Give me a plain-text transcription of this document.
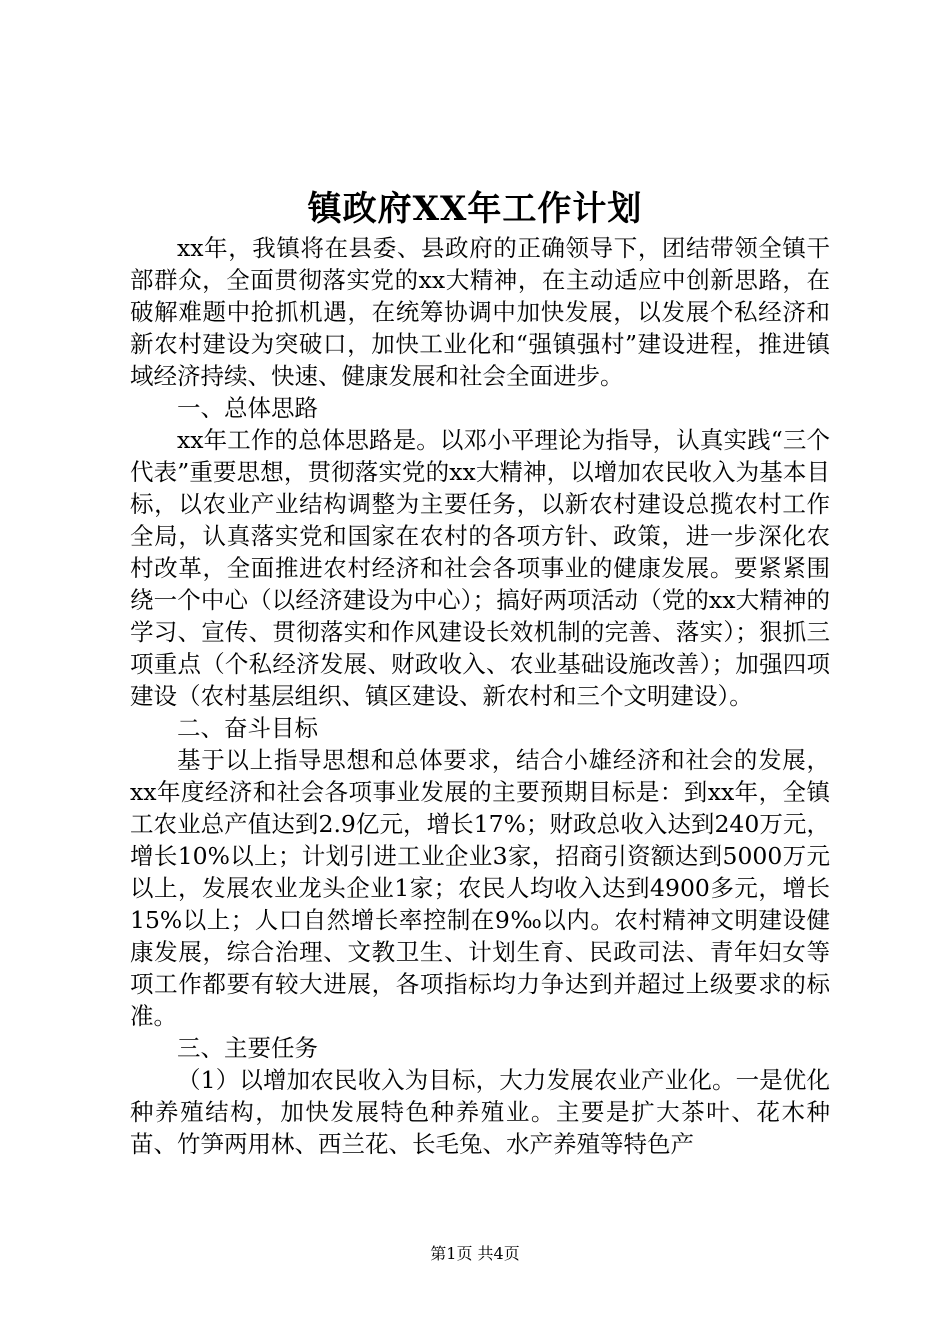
镇政府XX年工作计划

xx年，我镇将在县委、县政府的正确领导下，团结带领全镇干部群众，全面贯彻落实党的xx大精神，在主动适应中创新思路，在破解难题中抢抓机遇，在统筹协调中加快发展，以发展个私经济和新农村建设为突破口，加快工业化和“强镇强村”建设进程，推进镇域经济持续、快速、健康发展和社会全面进步。

一、总体思路

xx年工作的总体思路是。以邓小平理论为指导，认真实践“三个代表”重要思想，贯彻落实党的xx大精神，以增加农民收入为基本目标，以农业产业结构调整为主要任务，以新农村建设总揽农村工作全局，认真落实党和国家在农村的各项方针、政策，进一步深化农村改革，全面推进农村经济和社会各项事业的健康发展。要紧紧围绕一个中心（以经济建设为中心）；搞好两项活动（党的xx大精神的学习、宣传、贯彻落实和作风建设长效机制的完善、落实）；狠抓三项重点（个私经济发展、财政收入、农业基础设施改善）；加强四项建设（农村基层组织、镇区建设、新农村和三个文明建设）。

二、奋斗目标

基于以上指导思想和总体要求，结合小雄经济和社会的发展，xx年度经济和社会各项事业发展的主要预期目标是：到xx年，全镇工农业总产值达到2.9亿元，增长17%；财政总收入达到240万元，增长10%以上；计划引进工业企业3家，招商引资额达到5000万元以上，发展农业龙头企业1家；农民人均收入达到4900多元，增长15%以上；人口自然增长率控制在9‰以内。农村精神文明建设健康发展，综合治理、文教卫生、计划生育、民政司法、青年妇女等项工作都要有较大进展，各项指标均力争达到并超过上级要求的标准。

三、主要任务

（1）以增加农民收入为目标，大力发展农业产业化。一是优化种养殖结构，加快发展特色种养殖业。主要是扩大茶叶、花木种苗、竹笋两用林、西兰花、长毛兔、水产养殖等特色产

第1页 共4页
